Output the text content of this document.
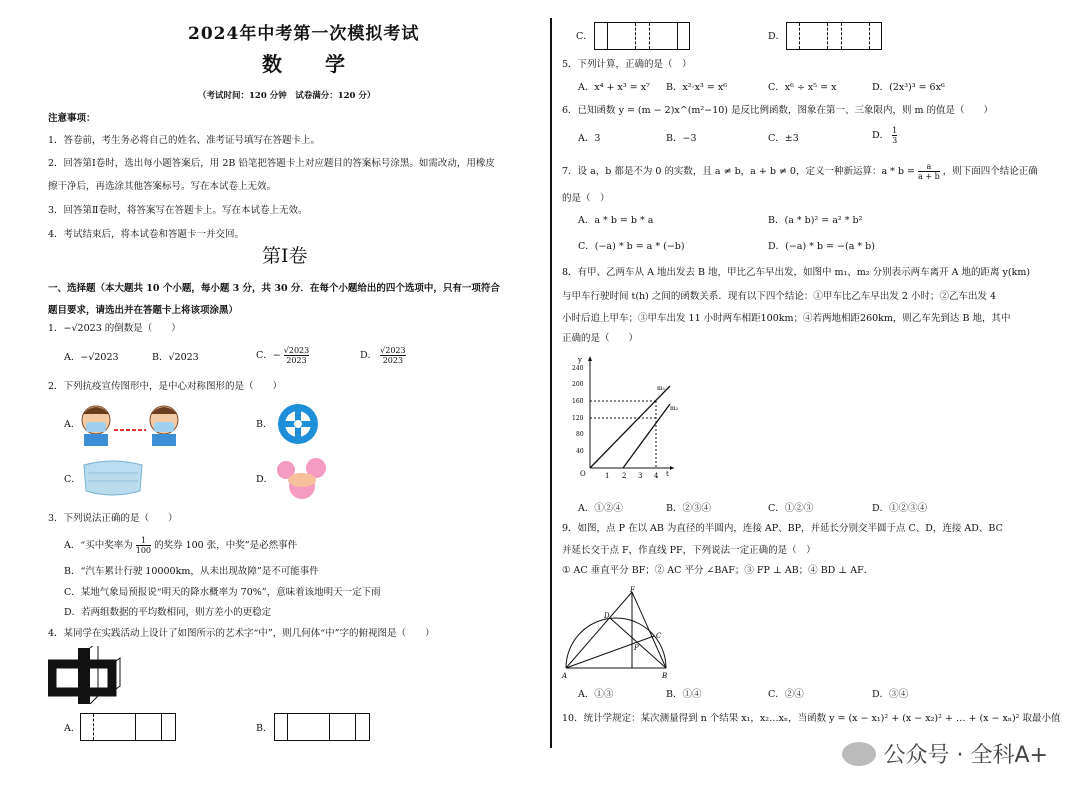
2024年中考第一次模拟考试
数 学
（考试时间：120 分钟　试卷满分：120 分）
注意事项：
1．答卷前，考生务必将自己的姓名、准考证号填写在答题卡上。
2．回答第Ⅰ卷时，选出每小题答案后，用 2B 铅笔把答题卡上对应题目的答案标号涂黑。如需改动，用橡皮
擦干净后，再选涂其他答案标号。写在本试卷上无效。
3．回答第Ⅱ卷时，将答案写在答题卡上。写在本试卷上无效。
4．考试结束后，将本试卷和答题卡一并交回。
第Ⅰ卷
一、选择题（本大题共 10 个小题，每小题 3 分，共 30 分．在每个小题给出的四个选项中，只有一项符合
题目要求，请选出并在答题卡上将该项涂黑）
1．−√2023 的倒数是（　　）
A．−√2023	B．√2023	C．− $\frac{√2023}{2023}$	D． $\frac{√2023}{2023}$
2．下列抗疫宣传图形中，是中心对称图形的是（　　）
A．	B．
C．	D．
3．下列说法正确的是（　　）
A．“买中奖率为 $\frac{1}{100}$ 的奖券 100 张，中奖”是必然事件
B．“汽车累计行驶 10000km，从未出现故障”是不可能事件
C．某地气象局预报说“明天的降水概率为 70%”，意味着该地明天一定下雨
D．若两组数据的平均数相同，则方差小的更稳定
4．某同学在实践活动上设计了如图所示的艺术字“中”，则几何体“中”字的俯视图是（　　）
A．	B．
C．	D．
5．下列计算，正确的是（　）
A．x⁴ + x³ = x⁷ B．x²·x³ = x⁶	C．x⁶ ÷ x⁵ = x	D．(2x³)³ = 6x⁶
6．已知函数 y = (m − 2)x^(m²−10) 是反比例函数，图象在第一、三象限内，则 m 的值是（　　）
A．3	B．−3	C．±3	D． $\frac{1}{3}$
7．设 a，b 都是不为 0 的实数，且 a ≠ b，a + b ≠ 0，定义一种新运算：$a * b = \frac{a}{a + b}$ ，则下面四个结论正确
的是（　）
A．a * b = b * a	B．(a * b)² = a² * b²
C．(−a) * b = a * (−b)	D．(−a) * b = −(a * b)
8．有甲、乙两车从 A 地出发去 B 地，甲比乙车早出发，如图中 m₁、m₂ 分别表示两车离开 A 地的距离 y(km)
与甲车行驶时间 t(h) 之间的函数关系．现有以下四个结论：①甲车比乙车早出发 2 小时；②乙车出发 4
小时后追上甲车；③甲车出发 11 小时两车相距100km；④若两地相距260km，则乙车先到达 B 地，其中
正确的是（　　）
y
t
O
240
200
160
120
80
40
1 2 3 4
m₁
m₂
A．①②④	B．②③④	C．①②③	D．①②③④
9．如图，点 P 在以 AB 为直径的半圆内，连接 AP、BP，并延长分别交半圆于点 C、D，连接 AD、BC
并延长交于点 F，作直线 PF，下列说法一定正确的是（　）
① AC 垂直平分 BF；② AC 平分 ∠BAF；③ FP ⊥ AB；④ BD ⊥ AF．
F
D
C
P
A	B
A．①③	B．①④	C．②④	D．③④
10．统计学规定：某次测量得到 n 个结果 x₁，x₂…xₙ，当函数 y = (x − x₁)² + (x − x₂)² + … + (x − xₙ)² 取最小值
公众号 · 全科A+
